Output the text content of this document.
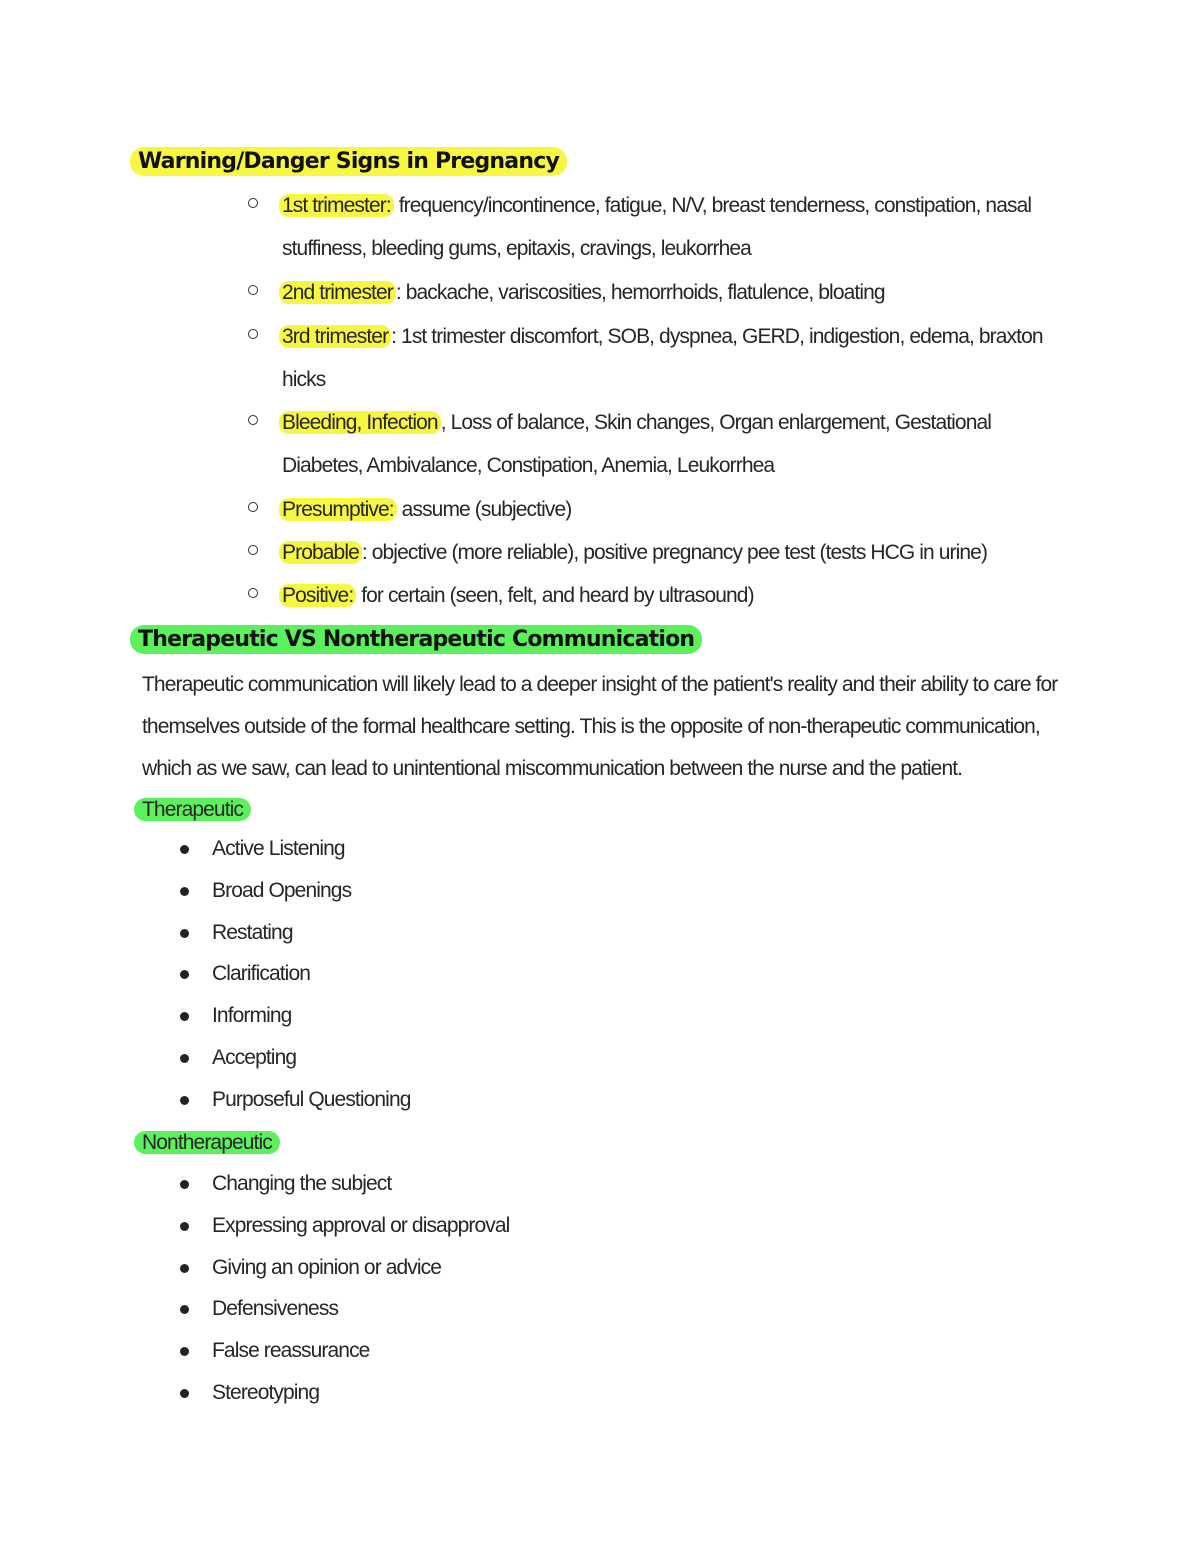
Warning/Danger Signs in Pregnancy
1st trimester: frequency/incontinence, fatigue, N/V, breast tenderness, constipation, nasal stuffiness, bleeding gums, epitaxis, cravings, leukorrhea
2nd trimester : backache, variscosities, hemorrhoids, flatulence, bloating
3rd trimester : 1st trimester discomfort, SOB, dyspnea, GERD, indigestion, edema, braxton hicks
Bleeding, Infection , Loss of balance, Skin changes, Organ enlargement, Gestational Diabetes, Ambivalance, Constipation, Anemia, Leukorrhea
Presumptive: assume (subjective)
Probable : objective (more reliable), positive pregnancy pee test (tests HCG in urine)
Positive: for certain (seen, felt, and heard by ultrasound)
Therapeutic VS Nontherapeutic Communication
Therapeutic communication will likely lead to a deeper insight of the patient's reality and their ability to care for themselves outside of the formal healthcare setting. This is the opposite of non-therapeutic communication, which as we saw, can lead to unintentional miscommunication between the nurse and the patient.
Therapeutic
Active Listening
Broad Openings
Restating
Clarification
Informing
Accepting
Purposeful Questioning
Nontherapeutic
Changing the subject
Expressing approval or disapproval
Giving an opinion or advice
Defensiveness
False reassurance
Stereotyping
